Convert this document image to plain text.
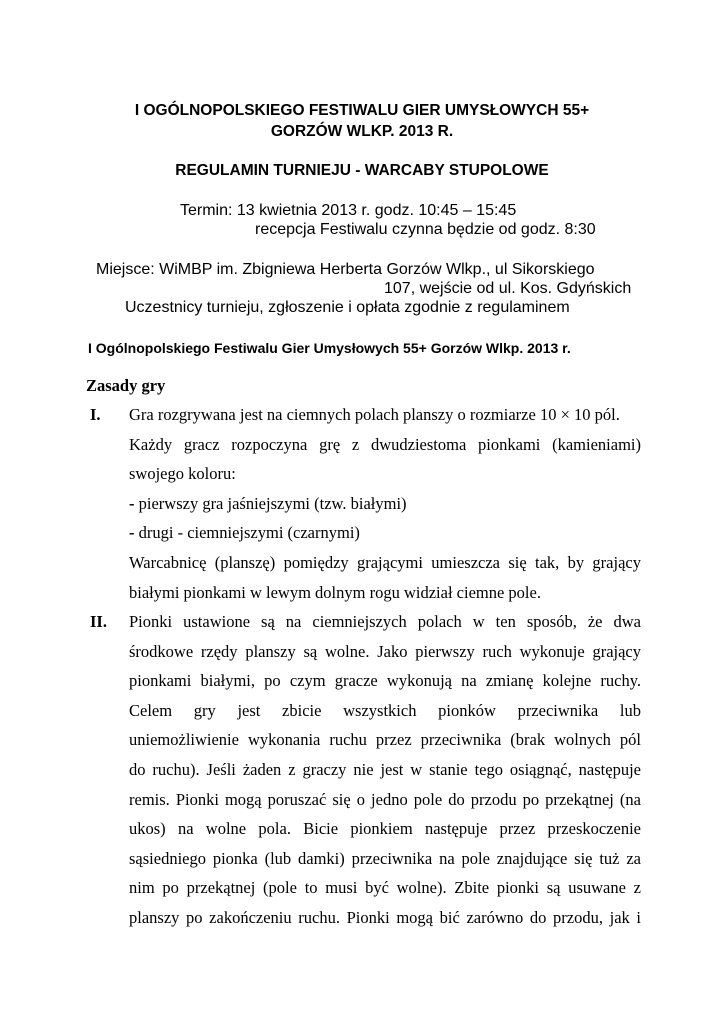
I OGÓLNOPOLSKIEGO FESTIWALU GIER UMYSŁOWYCH 55+
GORZÓW WLKP. 2013 R.
REGULAMIN TURNIEJU - WARCABY STUPOLOWE
Termin: 13 kwietnia 2013 r. godz. 10:45 – 15:45
recepcja Festiwalu czynna będzie od godz. 8:30
Miejsce: WiMBP im. Zbigniewa Herberta Gorzów Wlkp., ul Sikorskiego
107, wejście od ul. Kos. Gdyńskich
Uczestnicy turnieju, zgłoszenie i opłata zgodnie z regulaminem
I Ogólnopolskiego Festiwalu Gier Umysłowych 55+ Gorzów Wlkp. 2013 r.
Zasady gry
I. Gra rozgrywana jest na ciemnych polach planszy o rozmiarze 10 × 10 pól.
Każdy gracz rozpoczyna grę z dwudziestoma pionkami (kamieniami)
swojego koloru:
- pierwszy gra jaśniejszymi (tzw. białymi)
- drugi - ciemniejszymi (czarnymi)
Warcabnicę (planszę) pomiędzy grającymi umieszcza się tak, by grający
białymi pionkami w lewym dolnym rogu widział ciemne pole.
II. Pionki ustawione są na ciemniejszych polach w ten sposób, że dwa
środkowe rzędy planszy są wolne. Jako pierwszy ruch wykonuje grający
pionkami białymi, po czym gracze wykonują na zmianę kolejne ruchy.
Celem gry jest zbicie wszystkich pionków przeciwnika lub
uniemożliwienie wykonania ruchu przez przeciwnika (brak wolnych pól
do ruchu). Jeśli żaden z graczy nie jest w stanie tego osiągnąć, następuje
remis. Pionki mogą poruszać się o jedno pole do przodu po przekątnej (na
ukos) na wolne pola. Bicie pionkiem następuje przez przeskoczenie
sąsiedniego pionka (lub damki) przeciwnika na pole znajdujące się tuż za
nim po przekątnej (pole to musi być wolne). Zbite pionki są usuwane z
planszy po zakończeniu ruchu. Pionki mogą bić zarówno do przodu, jak i
